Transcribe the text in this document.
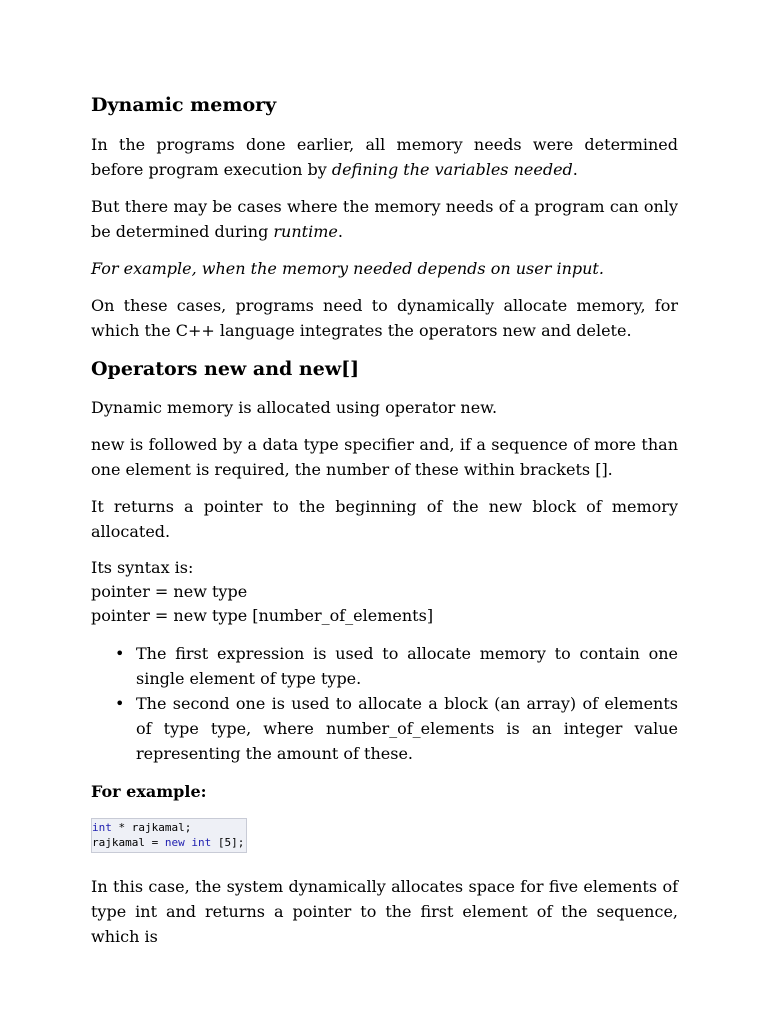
Dynamic memory

In the programs done earlier, all memory needs were determined before program execution by defining the variables needed.

But there may be cases where the memory needs of a program can only be determined during runtime.

For example, when the memory needed depends on user input.

On these cases, programs need to dynamically allocate memory, for which the C++ language integrates the operators new and delete.

Operators new and new[]

Dynamic memory is allocated using operator new.

new is followed by a data type specifier and, if a sequence of more than one element is required, the number of these within brackets [].

It returns a pointer to the beginning of the new block of memory allocated.

Its syntax is:
pointer = new type
pointer = new type [number_of_elements]
• The first expression is used to allocate memory to contain one single element of type type.
• The second one is used to allocate a block (an array) of elements of type type, where number_of_elements is an integer value representing the amount of these.

For example:

int * rajkamal;
rajkamal = new int [5];

In this case, the system dynamically allocates space for five elements of type int and returns a pointer to the first element of the sequence, which is
